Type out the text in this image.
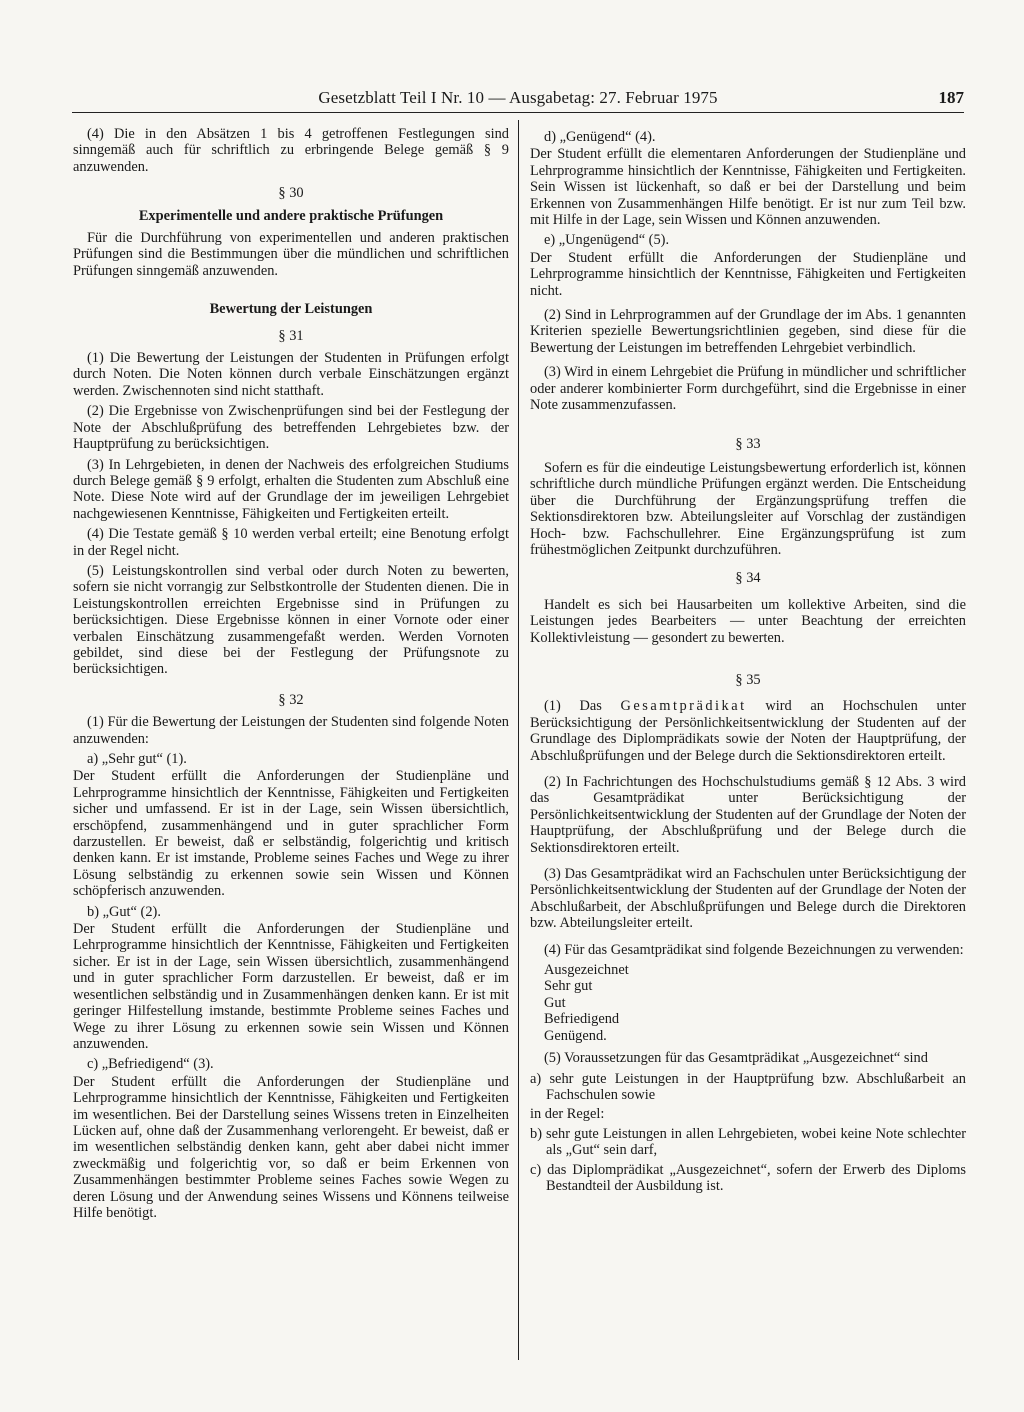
Gesetzblatt Teil I Nr. 10 — Ausgabetag: 27. Februar 1975	187

(4) Die in den Absätzen 1 bis 4 getroffenen Festlegungen sind sinngemäß auch für schriftlich zu erbringende Belege gemäß § 9 anzuwenden.

§ 30
Experimentelle und andere praktische Prüfungen

Für die Durchführung von experimentellen und anderen praktischen Prüfungen sind die Bestimmungen über die mündlichen und schriftlichen Prüfungen sinngemäß anzuwenden.

Bewertung der Leistungen
§ 31

(1) Die Bewertung der Leistungen der Studenten in Prüfungen erfolgt durch Noten. Die Noten können durch verbale Einschätzungen ergänzt werden. Zwischennoten sind nicht statthaft.

(2) Die Ergebnisse von Zwischenprüfungen sind bei der Festlegung der Note der Abschlußprüfung des betreffenden Lehrgebietes bzw. der Hauptprüfung zu berücksichtigen.

(3) In Lehrgebieten, in denen der Nachweis des erfolgreichen Studiums durch Belege gemäß § 9 erfolgt, erhalten die Studenten zum Abschluß eine Note. Diese Note wird auf der Grundlage der im jeweiligen Lehrgebiet nachgewiesenen Kenntnisse, Fähigkeiten und Fertigkeiten erteilt.

(4) Die Testate gemäß § 10 werden verbal erteilt; eine Benotung erfolgt in der Regel nicht.

(5) Leistungskontrollen sind verbal oder durch Noten zu bewerten, sofern sie nicht vorrangig zur Selbstkontrolle der Studenten dienen. Die in Leistungskontrollen erreichten Ergebnisse sind in Prüfungen zu berücksichtigen. Diese Ergebnisse können in einer Vornote oder einer verbalen Einschätzung zusammengefaßt werden. Werden Vornoten gebildet, sind diese bei der Festlegung der Prüfungsnote zu berücksichtigen.

§ 32

(1) Für die Bewertung der Leistungen der Studenten sind folgende Noten anzuwenden:

a) „Sehr gut“ (1).

Der Student erfüllt die Anforderungen der Studienpläne und Lehrprogramme hinsichtlich der Kenntnisse, Fähigkeiten und Fertigkeiten sicher und umfassend. Er ist in der Lage, sein Wissen übersichtlich, erschöpfend, zusammenhängend und in guter sprachlicher Form darzustellen. Er beweist, daß er selbständig, folgerichtig und kritisch denken kann. Er ist imstande, Probleme seines Faches und Wege zu ihrer Lösung selbständig zu erkennen sowie sein Wissen und Können schöpferisch anzuwenden.

b) „Gut“ (2).

Der Student erfüllt die Anforderungen der Studienpläne und Lehrprogramme hinsichtlich der Kenntnisse, Fähigkeiten und Fertigkeiten sicher. Er ist in der Lage, sein Wissen übersichtlich, zusammenhängend und in guter sprachlicher Form darzustellen. Er beweist, daß er im wesentlichen selbständig und in Zusammenhängen denken kann. Er ist mit geringer Hilfestellung imstande, bestimmte Probleme seines Faches und Wege zu ihrer Lösung zu erkennen sowie sein Wissen und Können anzuwenden.

c) „Befriedigend“ (3).

Der Student erfüllt die Anforderungen der Studienpläne und Lehrprogramme hinsichtlich der Kenntnisse, Fähigkeiten und Fertigkeiten im wesentlichen. Bei der Darstellung seines Wissens treten in Einzelheiten Lücken auf, ohne daß der Zusammenhang verlorengeht. Er beweist, daß er im wesentlichen selbständig denken kann, geht aber dabei nicht immer zweckmäßig und folgerichtig vor, so daß er beim Erkennen von Zusammenhängen bestimmter Probleme seines Faches sowie Wegen zu deren Lösung und der Anwendung seines Wissens und Könnens teilweise Hilfe benötigt.

d) „Genügend“ (4).

Der Student erfüllt die elementaren Anforderungen der Studienpläne und Lehrprogramme hinsichtlich der Kenntnisse, Fähigkeiten und Fertigkeiten. Sein Wissen ist lückenhaft, so daß er bei der Darstellung und beim Erkennen von Zusammenhängen Hilfe benötigt. Er ist nur zum Teil bzw. mit Hilfe in der Lage, sein Wissen und Können anzuwenden.

e) „Ungenügend“ (5).

Der Student erfüllt die Anforderungen der Studienpläne und Lehrprogramme hinsichtlich der Kenntnisse, Fähigkeiten und Fertigkeiten nicht.

(2) Sind in Lehrprogrammen auf der Grundlage der im Abs. 1 genannten Kriterien spezielle Bewertungsrichtlinien gegeben, sind diese für die Bewertung der Leistungen im betreffenden Lehrgebiet verbindlich.

(3) Wird in einem Lehrgebiet die Prüfung in mündlicher und schriftlicher oder anderer kombinierter Form durchgeführt, sind die Ergebnisse in einer Note zusammenzufassen.

§ 33

Sofern es für die eindeutige Leistungsbewertung erforderlich ist, können schriftliche durch mündliche Prüfungen ergänzt werden. Die Entscheidung über die Durchführung der Ergänzungsprüfung treffen die Sektionsdirektoren bzw. Abteilungsleiter auf Vorschlag der zuständigen Hoch- bzw. Fachschullehrer. Eine Ergänzungsprüfung ist zum frühestmöglichen Zeitpunkt durchzuführen.

§ 34

Handelt es sich bei Hausarbeiten um kollektive Arbeiten, sind die Leistungen jedes Bearbeiters — unter Beachtung der erreichten Kollektivleistung — gesondert zu bewerten.

§ 35

(1) Das Gesamtprädikat wird an Hochschulen unter Berücksichtigung der Persönlichkeitsentwicklung der Studenten auf der Grundlage des Diplomprädikats sowie der Noten der Hauptprüfung, der Abschlußprüfungen und der Belege durch die Sektionsdirektoren erteilt.

(2) In Fachrichtungen des Hochschulstudiums gemäß § 12 Abs. 3 wird das Gesamtprädikat unter Berücksichtigung der Persönlichkeitsentwicklung der Studenten auf der Grundlage der Noten der Hauptprüfung, der Abschlußprüfung und der Belege durch die Sektionsdirektoren erteilt.

(3) Das Gesamtprädikat wird an Fachschulen unter Berücksichtigung der Persönlichkeitsentwicklung der Studenten auf der Grundlage der Noten der Abschlußarbeit, der Abschlußprüfungen und Belege durch die Direktoren bzw. Abteilungsleiter erteilt.

(4) Für das Gesamtprädikat sind folgende Bezeichnungen zu verwenden:

Ausgezeichnet
Sehr gut
Gut
Befriedigend
Genügend.

(5) Voraussetzungen für das Gesamtprädikat „Ausgezeichnet“ sind

a) sehr gute Leistungen in der Hauptprüfung bzw. Abschlußarbeit an Fachschulen sowie

in der Regel:

b) sehr gute Leistungen in allen Lehrgebieten, wobei keine Note schlechter als „Gut“ sein darf,

c) das Diplomprädikat „Ausgezeichnet“, sofern der Erwerb des Diploms Bestandteil der Ausbildung ist.
